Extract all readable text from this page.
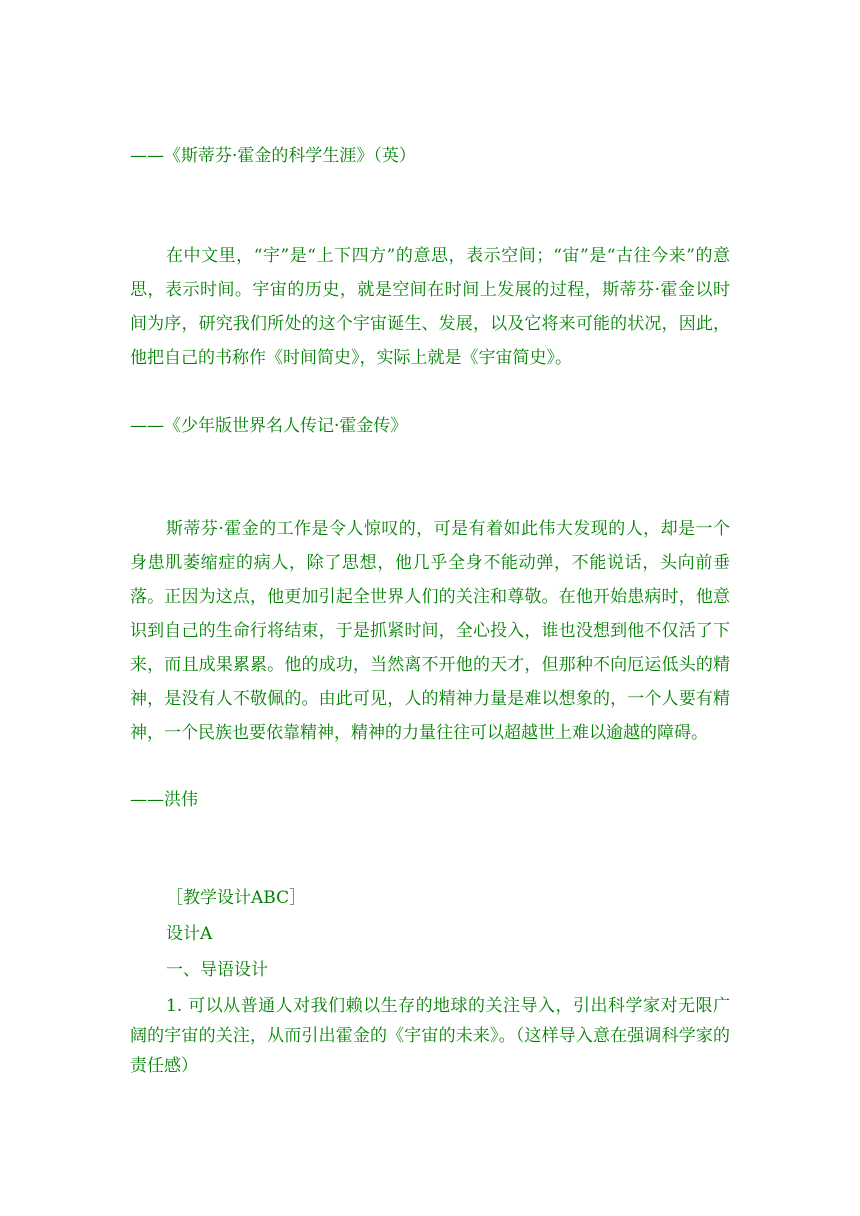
——《斯蒂芬·霍金的科学生涯》（英）
在中文里，“宇”是“上下四方”的意思，表示空间；“宙”是“古往今来”的意思，表示时间。宇宙的历史，就是空间在时间上发展的过程，斯蒂芬·霍金以时间为序，研究我们所处的这个宇宙诞生、发展，以及它将来可能的状况，因此，他把自己的书称作《时间简史》，实际上就是《宇宙简史》。
——《少年版世界名人传记·霍金传》
斯蒂芬·霍金的工作是令人惊叹的，可是有着如此伟大发现的人，却是一个身患肌萎缩症的病人，除了思想，他几乎全身不能动弹，不能说话，头向前垂落。正因为这点，他更加引起全世界人们的关注和尊敬。在他开始患病时，他意识到自己的生命行将结束，于是抓紧时间，全心投入，谁也没想到他不仅活了下来，而且成果累累。他的成功，当然离不开他的天才，但那种不向厄运低头的精神，是没有人不敬佩的。由此可见，人的精神力量是难以想象的，一个人要有精神，一个民族也要依靠精神，精神的力量往往可以超越世上难以逾越的障碍。
——洪伟
［教学设计ABC］
设计A
一、导语设计
1. 可以从普通人对我们赖以生存的地球的关注导入，引出科学家对无限广阔的宇宙的关注，从而引出霍金的《宇宙的未来》。（这样导入意在强调科学家的责任感）
